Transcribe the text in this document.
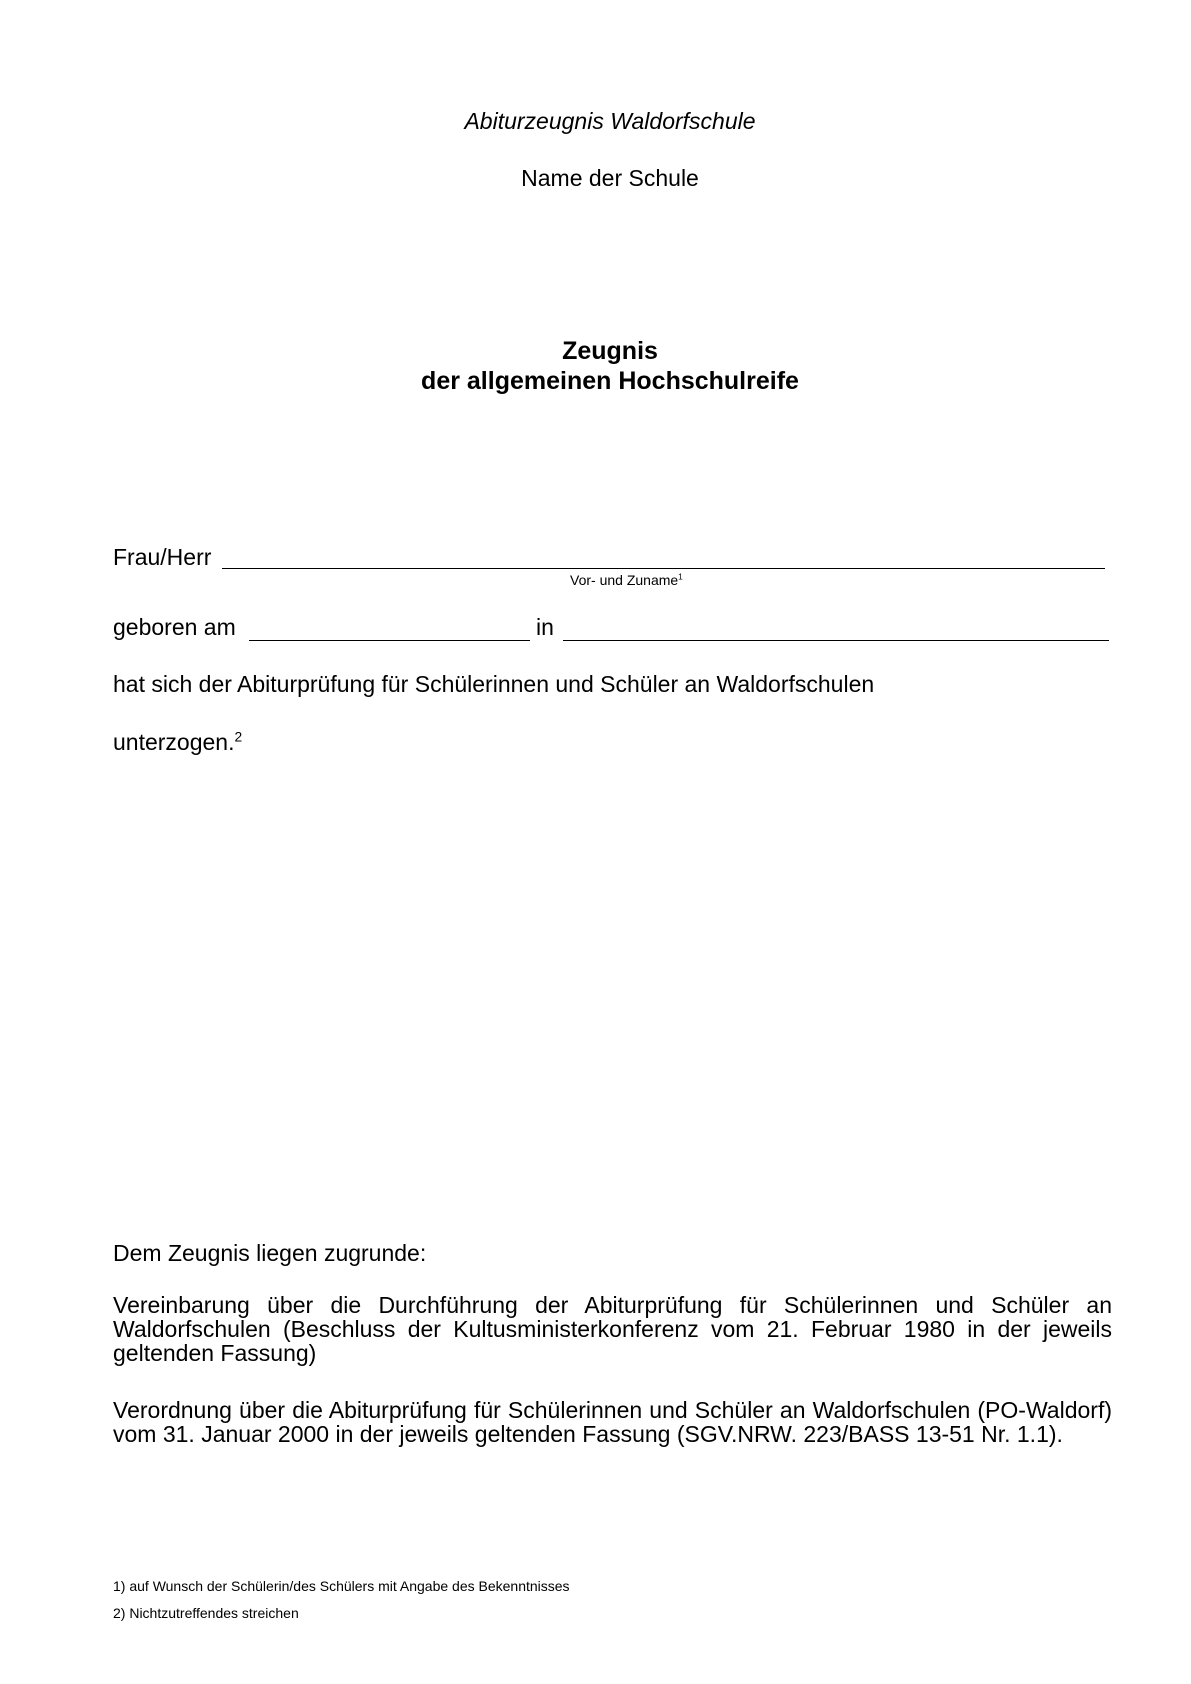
Abiturzeugnis Waldorfschule
Name der Schule
Zeugnis
der allgemeinen Hochschulreife
Frau/Herr
Vor- und Zuname$^1$
geboren am	in
hat sich der Abiturprüfung für Schülerinnen und Schüler an Waldorfschulen
unterzogen.$^2$
Dem Zeugnis liegen zugrunde:
Vereinbarung über die Durchführung der Abiturprüfung für Schülerinnen und Schüler an Waldorfschulen (Beschluss der Kultusministerkonferenz vom 21. Februar 1980 in der jeweils geltenden Fassung)
Verordnung über die Abiturprüfung für Schülerinnen und Schüler an Waldorfschulen (PO-Waldorf) vom 31. Januar 2000 in der jeweils geltenden Fassung (SGV.NRW. 223/BASS 13-51 Nr. 1.1).
1) auf Wunsch der Schülerin/des Schülers mit Angabe des Bekenntnisses
2) Nichtzutreffendes streichen
